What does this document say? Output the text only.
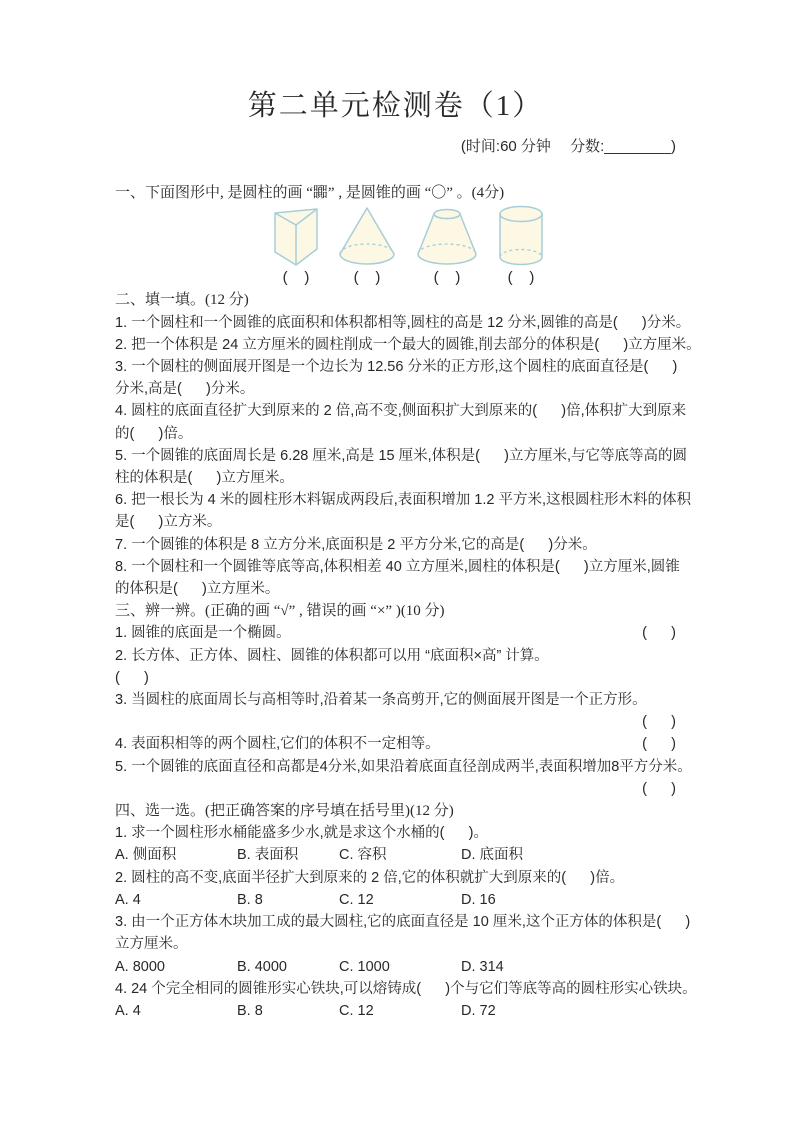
第二单元检测卷（1）
(时间:60 分钟　 分数:________)
一、下面图形中, 是圆柱的画 “嚻” , 是圆锥的画 “〇” 。(4分)
(    )	(    )	(    )	(    )
二、填一填。(12 分)
1. 一个圆柱和一个圆锥的底面积和体积都相等,圆柱的高是 12 分米,圆锥的高是(      )分米。
2. 把一个体积是 24 立方厘米的圆柱削成一个最大的圆锥,削去部分的体积是(      )立方厘米。
3. 一个圆柱的侧面展开图是一个边长为 12.56 分米的正方形,这个圆柱的底面直径是(      )
分米,高是(      )分米。
4. 圆柱的底面直径扩大到原来的 2 倍,高不变,侧面积扩大到原来的(      )倍,体积扩大到原来
的(      )倍。
5. 一个圆锥的底面周长是 6.28 厘米,高是 15 厘米,体积是(      )立方厘米,与它等底等高的圆
柱的体积是(      )立方厘米。
6. 把一根长为 4 米的圆柱形木料锯成两段后,表面积增加 1.2 平方米,这根圆柱形木料的体积
是(      )立方米。
7. 一个圆锥的体积是 8 立方分米,底面积是 2 平方分米,它的高是(      )分米。
8. 一个圆柱和一个圆锥等底等高,体积相差 40 立方厘米,圆柱的体积是(      )立方厘米,圆锥
的体积是(      )立方厘米。
三、辨一辨。(正确的画 “√” , 错误的画 “×” )(10 分)
1. 圆锥的底面是一个椭圆。	(      )
2. 长方体、正方体、圆柱、圆锥的体积都可以用 “底面积×高” 计算。
(      )
3. 当圆柱的底面周长与高相等时,沿着某一条高剪开,它的侧面展开图是一个正方形。
(      )
4. 表面积相等的两个圆柱,它们的体积不一定相等。	(      )
5. 一个圆锥的底面直径和高都是4分米,如果沿着底面直径剖成两半,表面积增加8平方分米。
(      )
四、选一选。(把正确答案的序号填在括号里)(12 分)
1. 求一个圆柱形水桶能盛多少水,就是求这个水桶的(      )。
A. 侧面积	B. 表面积	C. 容积	D. 底面积
2. 圆柱的高不变,底面半径扩大到原来的 2 倍,它的体积就扩大到原来的(      )倍。
A. 4	B. 8	C. 12	D. 16
3. 由一个正方体木块加工成的最大圆柱,它的底面直径是 10 厘米,这个正方体的体积是(      )
立方厘米。
A. 8000	B. 4000	C. 1000	D. 314
4. 24 个完全相同的圆锥形实心铁块,可以熔铸成(      )个与它们等底等高的圆柱形实心铁块。
A. 4	B. 8	C. 12	D. 72
